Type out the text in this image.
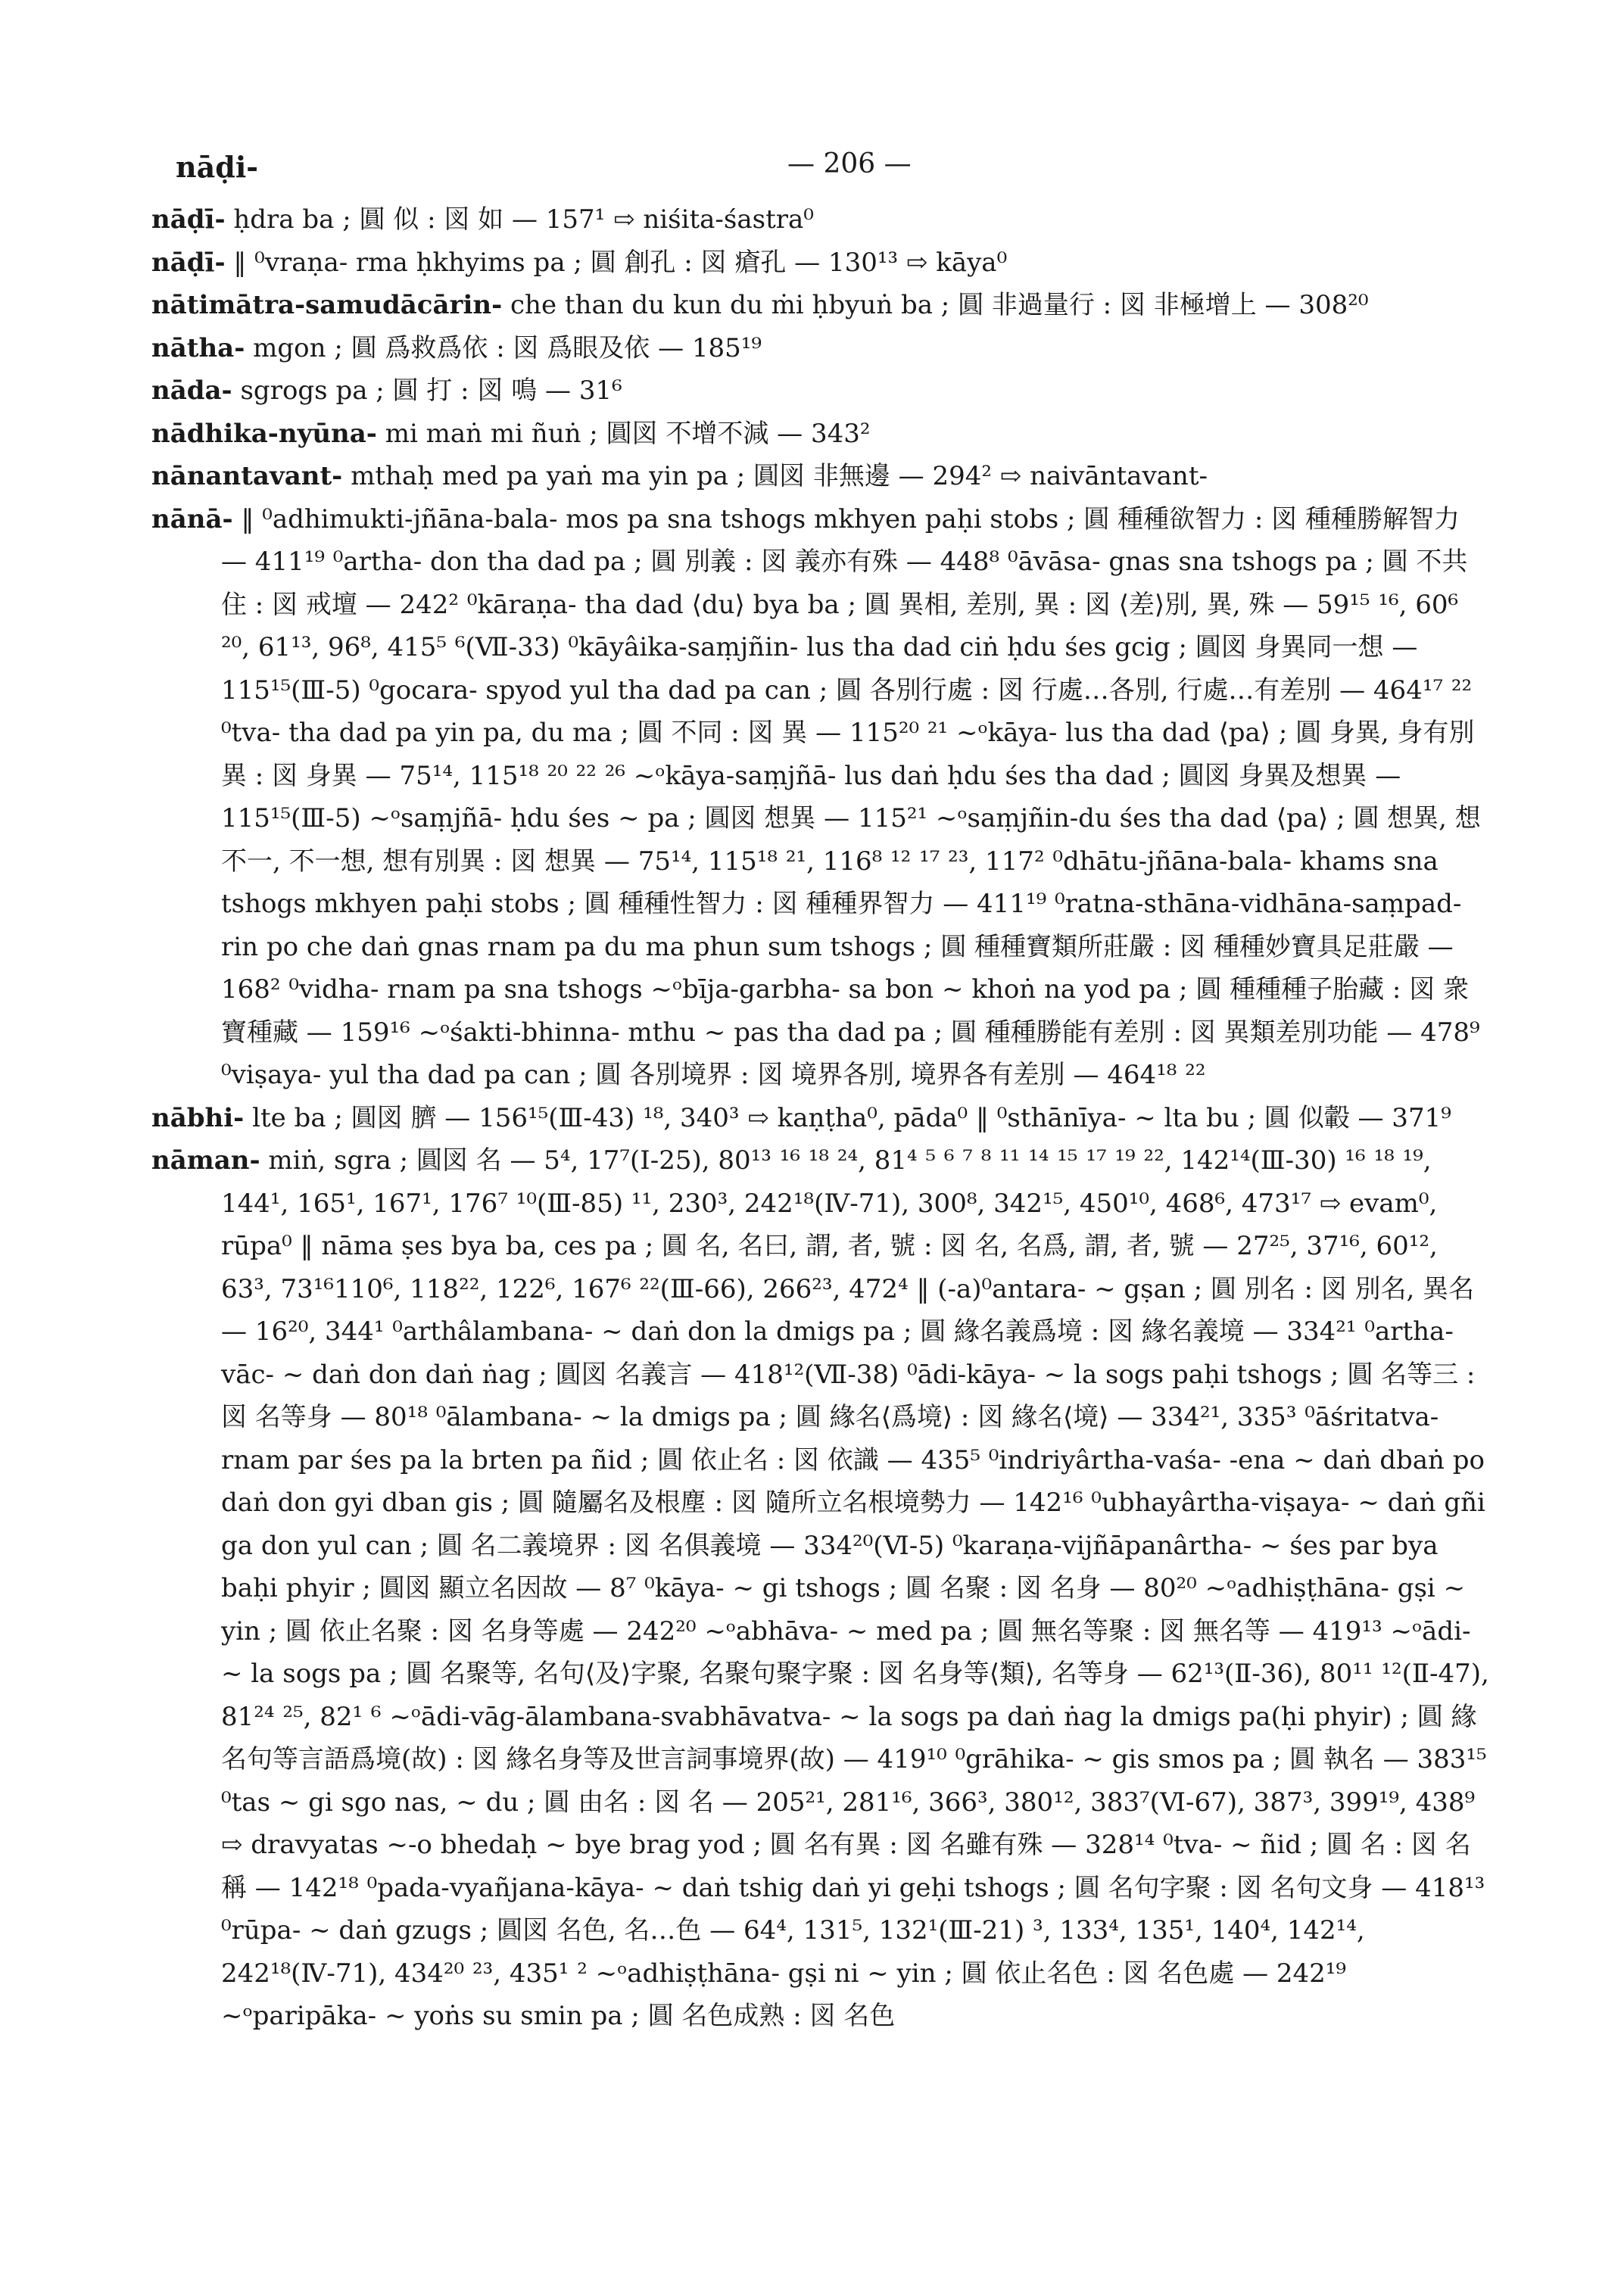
nāḍi-	— 206 —

nāḍī- ḥdra ba ; 圓 似 : 図 如 — 157¹ ⇨ niśita-śastra⁰

nāḍī- ‖ ⁰vraṇa- rma ḥkhyims pa ; 圓 創孔 : 図 瘡孔 — 130¹³ ⇨ kāya⁰

nātimātra-samudācārin- che than du kun du ṁi ḥbyuṅ ba ; 圓 非過量行 : 図 非極增上 — 308²⁰

nātha- mgon ; 圓 爲救爲依 : 図 爲眼及依 — 185¹⁹

nāda- sgrogs pa ; 圓 打 : 図 鳴 — 31⁶

nādhika-nyūna- mi maṅ mi ñuṅ ; 圓図 不增不減 — 343²

nānantavant- mthaḥ med pa yaṅ ma yin pa ; 圓図 非無邊 — 294² ⇨ naivāntavant-

nānā- ‖ ⁰adhimukti-jñāna-bala- mos pa sna tshogs mkhyen paḥi stobs ; 圓 種種欲智力 : 図 種種勝解智力 — 411¹⁹ ⁰artha- don tha dad pa ; 圓 別義 : 図 義亦有殊 — 448⁸ ⁰āvāsa- gnas sna tshogs pa ; 圓 不共住 : 図 戒壇 — 242² ⁰kāraṇa- tha dad ⟨du⟩ bya ba ; 圓 異相, 差別, 異 : 図 ⟨差⟩別, 異, 殊 — 59¹⁵ ¹⁶, 60⁶ ²⁰, 61¹³, 96⁸, 415⁵ ⁶(Ⅶ-33) ⁰kāyâika-saṃjñin- lus tha dad ciṅ ḥdu śes gcig ; 圓図 身異同一想 — 115¹⁵(Ⅲ-5) ⁰gocara- spyod yul tha dad pa can ; 圓 各別行處 : 図 行處…各別, 行處…有差別 — 464¹⁷ ²² ⁰tva- tha dad pa yin pa, du ma ; 圓 不同 : 図 異 — 115²⁰ ²¹ ~ᵒkāya- lus tha dad ⟨pa⟩ ; 圓 身異, 身有別異 : 図 身異 — 75¹⁴, 115¹⁸ ²⁰ ²² ²⁶ ~ᵒkāya-saṃjñā- lus daṅ ḥdu śes tha dad ; 圓図 身異及想異 — 115¹⁵(Ⅲ-5) ~ᵒsaṃjñā- ḥdu śes ~ pa ; 圓図 想異 — 115²¹ ~ᵒsaṃjñin-du śes tha dad ⟨pa⟩ ; 圓 想異, 想不一, 不一想, 想有別異 : 図 想異 — 75¹⁴, 115¹⁸ ²¹, 116⁸ ¹² ¹⁷ ²³, 117² ⁰dhātu-jñāna-bala- khams sna tshogs mkhyen paḥi stobs ; 圓 種種性智力 : 図 種種界智力 — 411¹⁹ ⁰ratna-sthāna-vidhāna-saṃpad- rin po che daṅ gnas rnam pa du ma phun sum tshogs ; 圓 種種寶類所莊嚴 : 図 種種妙寶具足莊嚴 — 168² ⁰vidha- rnam pa sna tshogs ~ᵒbīja-garbha- sa bon ~ khoṅ na yod pa ; 圓 種種種子胎藏 : 図 衆寶種藏 — 159¹⁶ ~ᵒśakti-bhinna- mthu ~ pas tha dad pa ; 圓 種種勝能有差別 : 図 異類差別功能 — 478⁹ ⁰viṣaya- yul tha dad pa can ; 圓 各別境界 : 図 境界各別, 境界各有差別 — 464¹⁸ ²²

nābhi- lte ba ; 圓図 臍 — 156¹⁵(Ⅲ-43) ¹⁸, 340³ ⇨ kaṇṭha⁰, pāda⁰ ‖ ⁰sthānīya- ~ lta bu ; 圓 似轂 — 371⁹

nāman- miṅ, sgra ; 圓図 名 — 5⁴, 17⁷(Ⅰ-25), 80¹³ ¹⁶ ¹⁸ ²⁴, 81⁴ ⁵ ⁶ ⁷ ⁸ ¹¹ ¹⁴ ¹⁵ ¹⁷ ¹⁹ ²², 142¹⁴(Ⅲ-30) ¹⁶ ¹⁸ ¹⁹, 144¹, 165¹, 167¹, 176⁷ ¹⁰(Ⅲ-85) ¹¹, 230³, 242¹⁸(Ⅳ-71), 300⁸, 342¹⁵, 450¹⁰, 468⁶, 473¹⁷ ⇨ evam⁰, rūpa⁰ ‖ nāma ṣes bya ba, ces pa ; 圓 名, 名曰, 謂, 者, 號 : 図 名, 名爲, 謂, 者, 號 — 27²⁵, 37¹⁶, 60¹², 63³, 73¹⁶110⁶, 118²², 122⁶, 167⁶ ²²(Ⅲ-66), 266²³, 472⁴ ‖ (-a)⁰antara- ~ gṣan ; 圓 別名 : 図 別名, 異名 — 16²⁰, 344¹ ⁰arthâlambana- ~ daṅ don la dmigs pa ; 圓 緣名義爲境 : 図 緣名義境 — 334²¹ ⁰artha-vāc- ~ daṅ don daṅ ṅag ; 圓図 名義言 — 418¹²(Ⅶ-38) ⁰ādi-kāya- ~ la sogs paḥi tshogs ; 圓 名等三 : 図 名等身 — 80¹⁸ ⁰ālambana- ~ la dmigs pa ; 圓 緣名⟨爲境⟩ : 図 緣名⟨境⟩ — 334²¹, 335³ ⁰āśritatva-rnam par śes pa la brten pa ñid ; 圓 依止名 : 図 依識 — 435⁵ ⁰indriyârtha-vaśa- -ena ~ daṅ dbaṅ po daṅ don gyi dban gis ; 圓 隨屬名及根塵 : 図 隨所立名根境勢力 — 142¹⁶ ⁰ubhayârtha-viṣaya- ~ daṅ gñi ga don yul can ; 圓 名二義境界 : 図 名俱義境 — 334²⁰(Ⅵ-5) ⁰karaṇa-vijñāpanârtha- ~ śes par bya baḥi phyir ; 圓図 顯立名因故 — 8⁷ ⁰kāya- ~ gi tshogs ; 圓 名聚 : 図 名身 — 80²⁰ ~ᵒadhiṣṭhāna- gṣi ~ yin ; 圓 依止名聚 : 図 名身等處 — 242²⁰ ~ᵒabhāva- ~ med pa ; 圓 無名等聚 : 図 無名等 — 419¹³ ~ᵒādi- ~ la sogs pa ; 圓 名聚等, 名句⟨及⟩字聚, 名聚句聚字聚 : 図 名身等⟨類⟩, 名等身 — 62¹³(Ⅱ-36), 80¹¹ ¹²(Ⅱ-47), 81²⁴ ²⁵, 82¹ ⁶ ~ᵒādi-vāg-ālambana-svabhāvatva- ~ la sogs pa daṅ ṅag la dmigs pa(ḥi phyir) ; 圓 緣名句等言語爲境(故) : 図 緣名身等及世言詞事境界(故) — 419¹⁰ ⁰grāhika- ~ gis smos pa ; 圓 執名 — 383¹⁵ ⁰tas ~ gi sgo nas, ~ du ; 圓 由名 : 図 名 — 205²¹, 281¹⁶, 366³, 380¹², 383⁷(Ⅵ-67), 387³, 399¹⁹, 438⁹ ⇨ dravyatas ~-o bhedaḥ ~ bye brag yod ; 圓 名有異 : 図 名雖有殊 — 328¹⁴ ⁰tva- ~ ñid ; 圓 名 : 図 名稱 — 142¹⁸ ⁰pada-vyañjana-kāya- ~ daṅ tshig daṅ yi geḥi tshogs ; 圓 名句字聚 : 図 名句文身 — 418¹³ ⁰rūpa- ~ daṅ gzugs ; 圓図 名色, 名…色 — 64⁴, 131⁵, 132¹(Ⅲ-21) ³, 133⁴, 135¹, 140⁴, 142¹⁴, 242¹⁸(Ⅳ-71), 434²⁰ ²³, 435¹ ² ~ᵒadhiṣṭhāna- gṣi ni ~ yin ; 圓 依止名色 : 図 名色處 — 242¹⁹ ~ᵒparipāka- ~ yoṅs su smin pa ; 圓 名色成熟 : 図 名色
